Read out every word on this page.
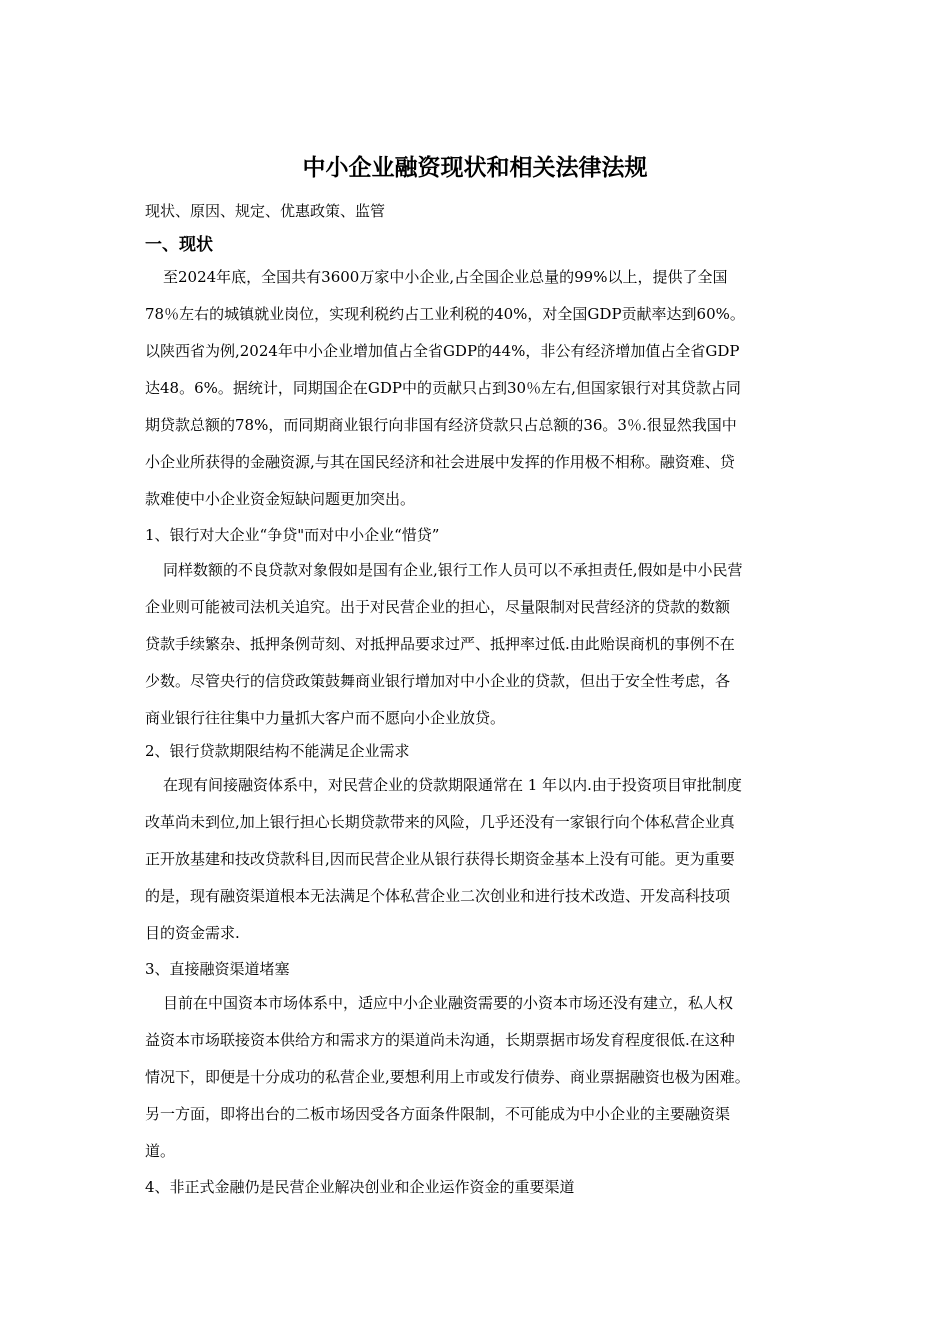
中小企业融资现状和相关法律法规
现状、原因、规定、优惠政策、监管
一、现状
至2024年底，全国共有3600万家中小企业,占全国企业总量的99%以上，提供了全国
78％左右的城镇就业岗位，实现利税约占工业利税的40%，对全国GDP贡献率达到60%。
以陕西省为例,2024年中小企业增加值占全省GDP的44%，非公有经济增加值占全省GDP
达48。6%。据统计，同期国企在GDP中的贡献只占到30％左右,但国家银行对其贷款占同
期贷款总额的78%，而同期商业银行向非国有经济贷款只占总额的36。3％.很显然我国中
小企业所获得的金融资源,与其在国民经济和社会进展中发挥的作用极不相称。融资难、贷
款难使中小企业资金短缺问题更加突出。
1、银行对大企业“争贷"而对中小企业“惜贷”
同样数额的不良贷款对象假如是国有企业,银行工作人员可以不承担责任,假如是中小民营
企业则可能被司法机关追究。出于对民营企业的担心，尽量限制对民营经济的贷款的数额
贷款手续繁杂、抵押条例苛刻、对抵押品要求过严、抵押率过低.由此贻误商机的事例不在
少数。尽管央行的信贷政策鼓舞商业银行增加对中小企业的贷款，但出于安全性考虑，各
商业银行往往集中力量抓大客户而不愿向小企业放贷。
2、银行贷款期限结构不能满足企业需求
在现有间接融资体系中，对民营企业的贷款期限通常在 1 年以内.由于投资项目审批制度
改革尚未到位,加上银行担心长期贷款带来的风险，几乎还没有一家银行向个体私营企业真
正开放基建和技改贷款科目,因而民营企业从银行获得长期资金基本上没有可能。更为重要
的是，现有融资渠道根本无法满足个体私营企业二次创业和进行技术改造、开发高科技项
目的资金需求.
3、直接融资渠道堵塞
目前在中国资本市场体系中，适应中小企业融资需要的小资本市场还没有建立，私人权
益资本市场联接资本供给方和需求方的渠道尚未沟通，长期票据市场发育程度很低.在这种
情况下，即便是十分成功的私营企业,要想利用上市或发行债券、商业票据融资也极为困难。
另一方面，即将出台的二板市场因受各方面条件限制，不可能成为中小企业的主要融资渠
道。
4、非正式金融仍是民营企业解决创业和企业运作资金的重要渠道
